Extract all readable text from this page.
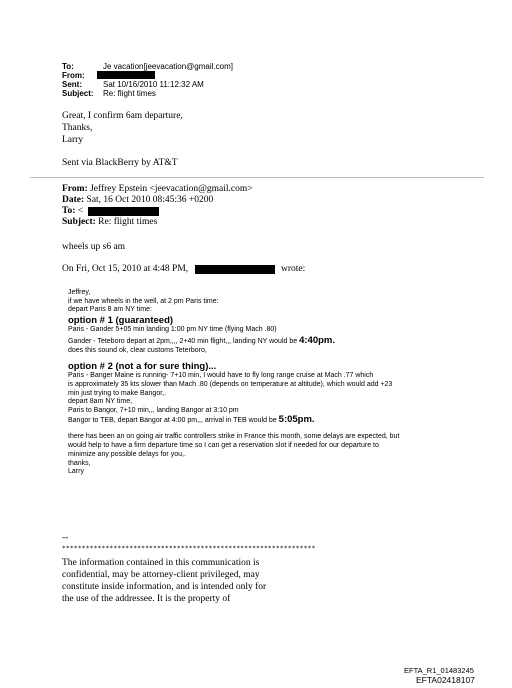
To:	Je vacation[jeevacation@gmail.com]
From:
Sent:	Sat 10/16/2010 11:12:32 AM
Subject: Re: flight times
Great, I confirm 6am departure,
Thanks,
Larry
Sent via BlackBerry by AT&T
From: Jeffrey Epstein <jeevacation@gmail.com>
Date: Sat, 16 Oct 2010 08:45:36 +0200
To: <
Subject: Re: flight times
wheels up s6 am
On Fri, Oct 15, 2010 at 4:48 PM,	wrote:
Jeffrey,
if we have wheels in the well, at 2 pm Paris time:
depart Paris 8 am NY time:
option # 1 (guaranteed)
Paris - Gander 5+05 min landing 1:00 pm NY time (flying Mach .80)
Gander - Teteboro depart at 2pm,,,, 2+40 min flight,,, landing NY would be 4:40pm.
does this sound ok, clear customs Teterboro,
option # 2 (not a for sure thing)...
Paris - Banger Maine is running- 7+10 min, I would have to fly long range cruise at Mach .77 which
is approximately 35 kts slower than Mach .80 (depends on temperature at altitude), which would add +23
min just trying to make Bangor,.
depart 8am NY time,
Paris to Bangor, 7+10 min,,, landing Bangor at 3:10 pm
Bangor to TEB, depart Bangor at 4:00 pm,,, arrival in TEB would be 5:05pm.
there has been an on going air traffic controllers strike in France this month, some delays are expected, but
would help to have a firm departure time so I can get a reservation slot if needed for our departure to
minimize any possible delays for you,.
thanks,
Larry
--
****************************************************************
The information contained in this communication is
confidential, may be attorney-client privileged, may
constitute inside information, and is intended only for
the use of the addressee. It is the property of
EFTA_R1_01483245
EFTA02418107
